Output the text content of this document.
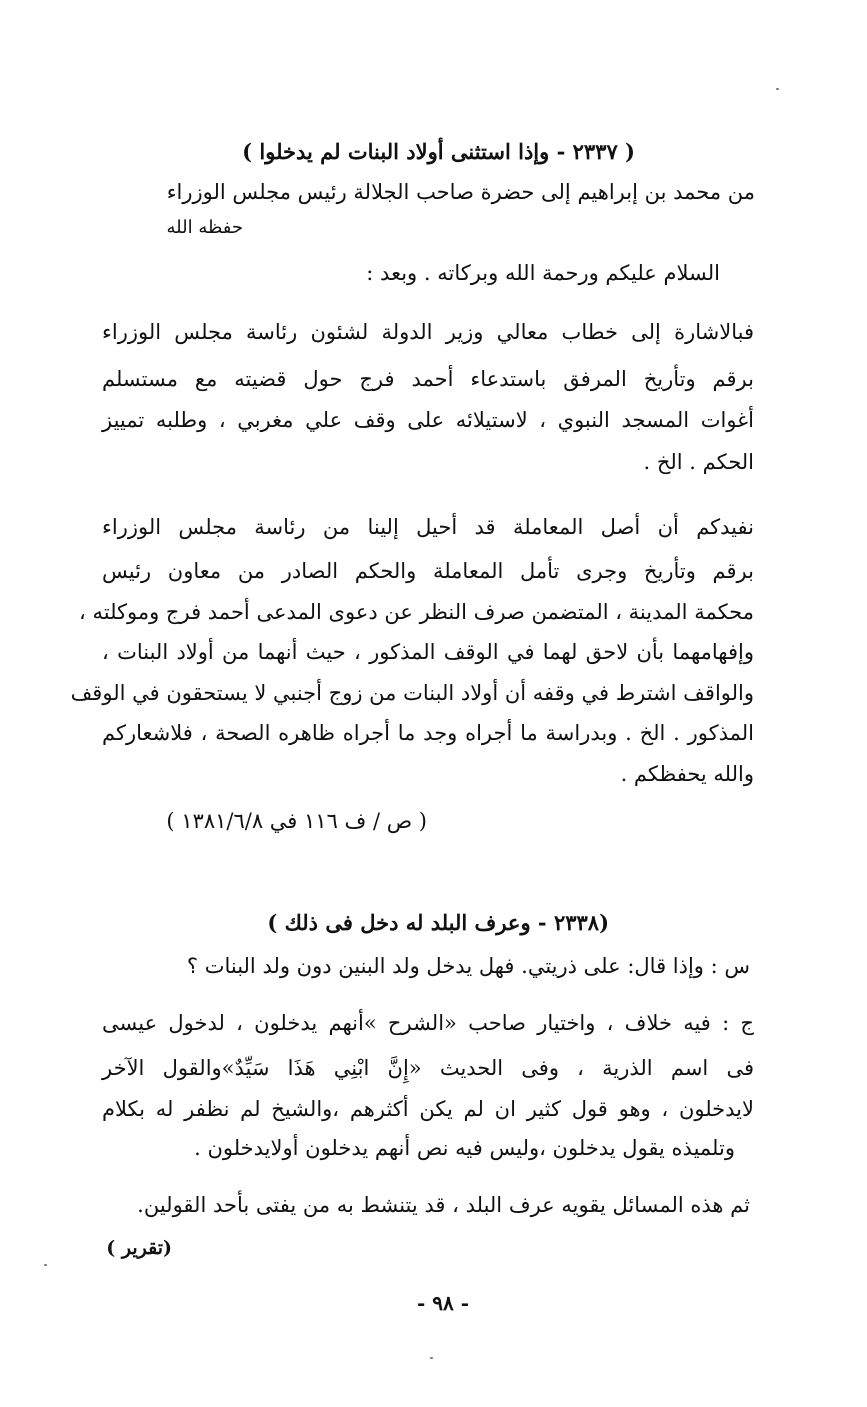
( ٢٣٣٧ - وإذا استثنى أولاد البنات لم يدخلوا )
من محمد بن إبراهيم إلى حضرة صاحب الجلالة رئيس مجلس الوزراء
حفظه الله
السلام عليكم ورحمة الله وبركاته . وبعد :
فبالاشارة إلى خطاب معالي وزير الدولة لشئون رئاسة مجلس الوزراء
برقم وتأريخ المرفق باستدعاء أحمد فرج حول قضيته مع مستسلم
أغوات المسجد النبوي ، لاستيلائه على وقف علي مغربي ، وطلبه تمييز
الحكم . الخ .
نفيدكم أن أصل المعاملة قد أحيل إلينا من رئاسة مجلس الوزراء
برقم وتأريخ وجرى تأمل المعاملة والحكم الصادر من معاون رئيس
محكمة المدينة ، المتضمن صرف النظر عن دعوى المدعى أحمد فرج وموكلته ،
وإفهامهما بأن لاحق لهما في الوقف المذكور ، حيث أنهما من أولاد البنات ،
والواقف اشترط في وقفه أن أولاد البنات من زوج أجنبي لا يستحقون في الوقف
المذكور . الخ . وبدراسة ما أجراه وجد ما أجراه ظاهره الصحة ، فلاشعاركم
والله يحفظكم .
( ص / ف ١١٦ في ١٣٨١/٦/٨ )
(٢٣٣٨ - وعرف البلد له دخل فى ذلك )
س : وإذا قال: على ذريتي. فهل يدخل ولد البنين دون ولد البنات ؟
ج : فيه خلاف ، واختيار صاحب «الشرح »أنهم يدخلون ، لدخول عيسى
فى اسم الذرية ، وفى الحديث «إِنَّ ابْنِي هَذَا سَيِّدٌ»والقول الآخر
لايدخلون ، وهو قول كثير ان لم يكن أكثرهم ،والشيخ لم نظفر له بكلام
وتلميذه يقول يدخلون ،وليس فيه نص أنهم يدخلون أولايدخلون .
ثم هذه المسائل يقويه عرف البلد ، قد يتنشط به من يفتى بأحد القولين.
(تقرير )
- ٩٨ -
